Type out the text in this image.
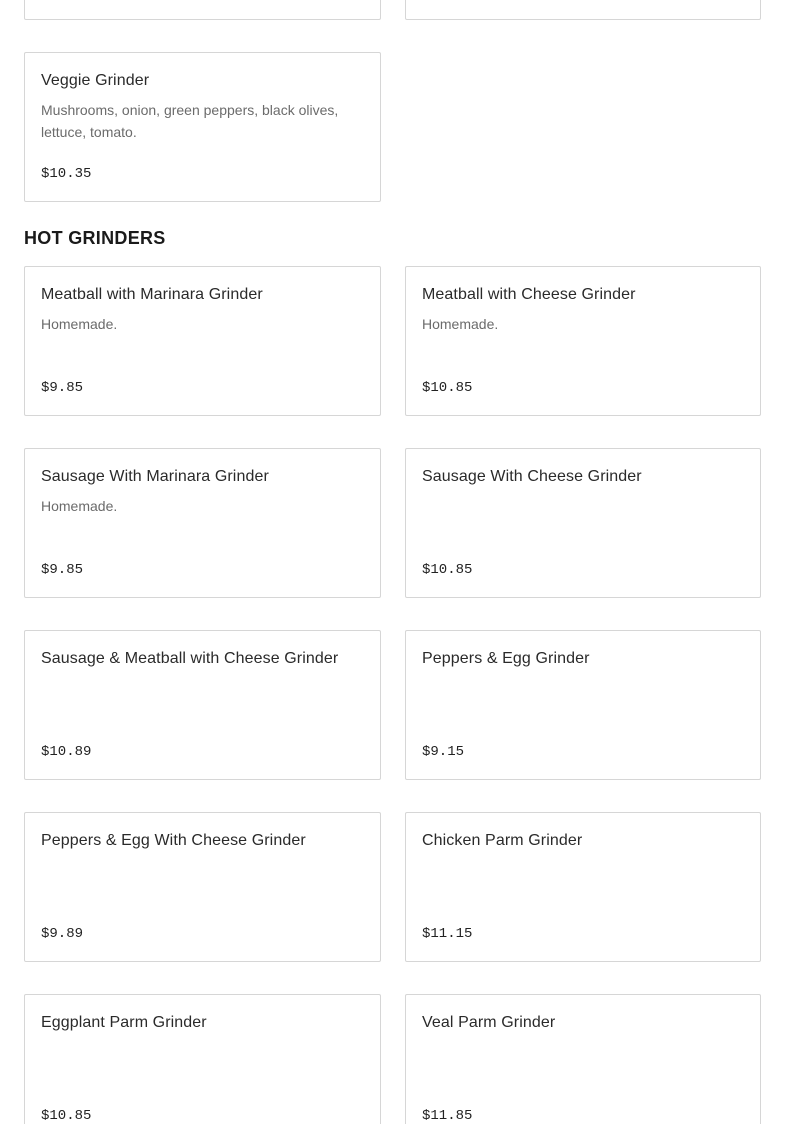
Veggie Grinder
Mushrooms, onion, green peppers, black olives, lettuce, tomato.
$10.35
HOT GRINDERS
Meatball with Marinara Grinder
Homemade.
$9.85
Meatball with Cheese Grinder
Homemade.
$10.85
Sausage With Marinara Grinder
Homemade.
$9.85
Sausage With Cheese Grinder
$10.85
Sausage & Meatball with Cheese Grinder
$10.89
Peppers & Egg Grinder
$9.15
Peppers & Egg With Cheese Grinder
$9.89
Chicken Parm Grinder
$11.15
Eggplant Parm Grinder
$10.85
Veal Parm Grinder
$11.85
